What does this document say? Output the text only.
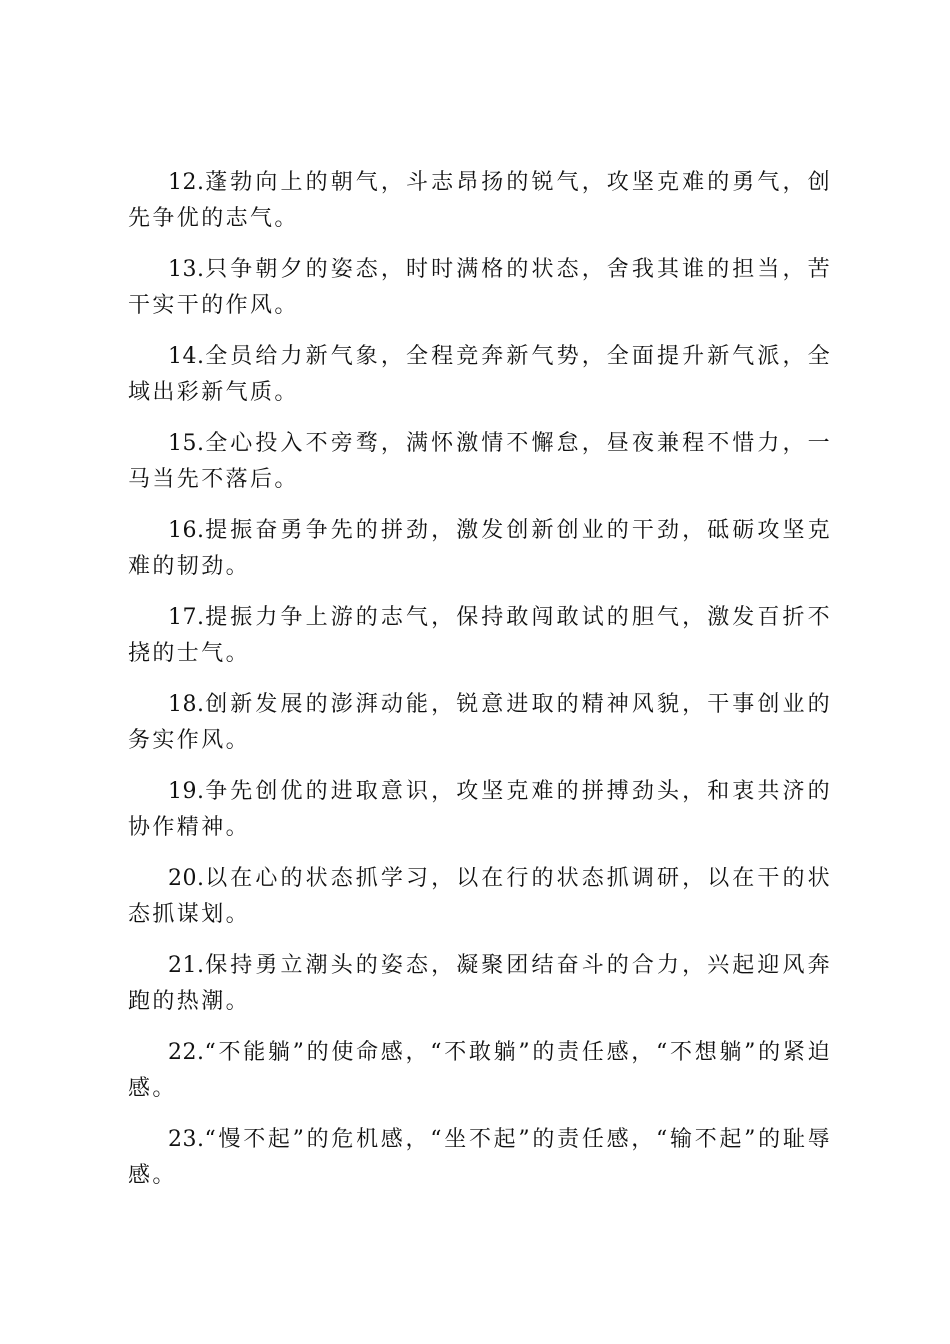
12.蓬勃向上的朝气，斗志昂扬的锐气，攻坚克难的勇气，创先争优的志气。

13.只争朝夕的姿态，时时满格的状态，舍我其谁的担当，苦干实干的作风。

14.全员给力新气象，全程竞奔新气势，全面提升新气派，全域出彩新气质。

15.全心投入不旁骛，满怀激情不懈怠，昼夜兼程不惜力，一马当先不落后。

16.提振奋勇争先的拼劲，激发创新创业的干劲，砥砺攻坚克难的韧劲。

17.提振力争上游的志气，保持敢闯敢试的胆气，激发百折不挠的士气。

18.创新发展的澎湃动能，锐意进取的精神风貌，干事创业的务实作风。

19.争先创优的进取意识，攻坚克难的拼搏劲头，和衷共济的协作精神。

20.以在心的状态抓学习，以在行的状态抓调研，以在干的状态抓谋划。

21.保持勇立潮头的姿态，凝聚团结奋斗的合力，兴起迎风奔跑的热潮。

22.“不能躺”的使命感，“不敢躺”的责任感，“不想躺”的紧迫感。

23.“慢不起”的危机感，“坐不起”的责任感，“输不起”的耻辱感。
